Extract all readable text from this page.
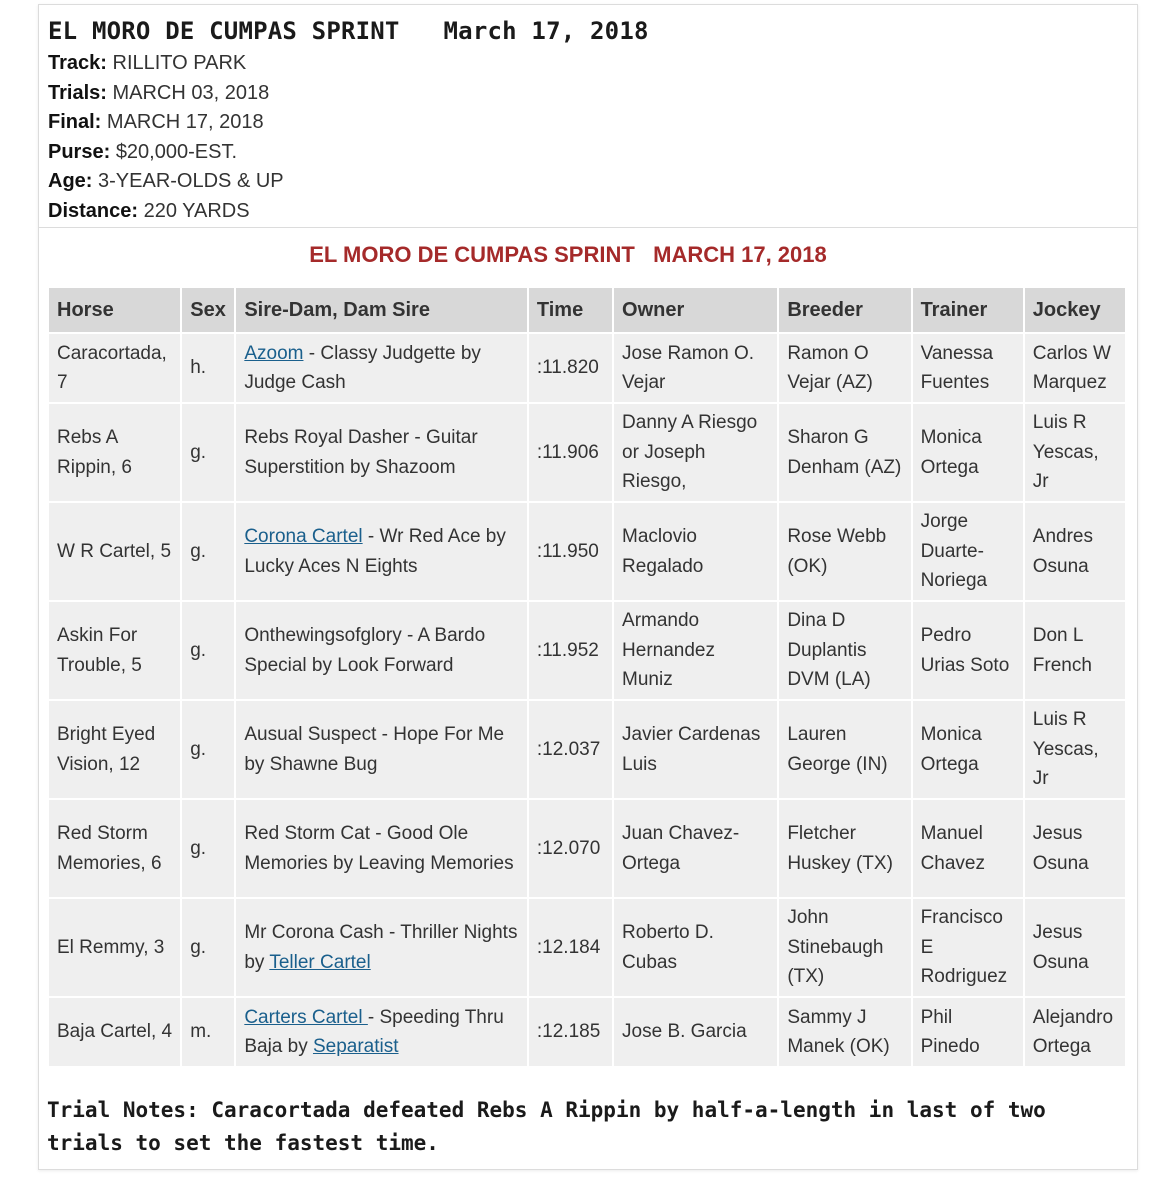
EL MORO DE CUMPAS SPRINT   March 17, 2018
Track: RILLITO PARK
Trials: MARCH 03, 2018
Final: MARCH 17, 2018
Purse: $20,000-EST.
Age: 3-YEAR-OLDS & UP
Distance: 220 YARDS
EL MORO DE CUMPAS SPRINT   MARCH 17, 2018
Horse	Sex	Sire-Dam, Dam Sire	Time	Owner	Breeder	Trainer	Jockey
Caracortada, 7	h.	Azoom - Classy Judgette by Judge Cash	:11.820	Jose Ramon O. Vejar	Ramon O Vejar (AZ)	Vanessa Fuentes	Carlos W Marquez
Rebs A Rippin, 6	g.	Rebs Royal Dasher - Guitar Superstition by Shazoom	:11.906	Danny A Riesgo or Joseph Riesgo,	Sharon G Denham (AZ)	Monica Ortega	Luis R Yescas, Jr
W R Cartel, 5	g.	Corona Cartel - Wr Red Ace by Lucky Aces N Eights	:11.950	Maclovio Regalado	Rose Webb (OK)	Jorge Duarte-Noriega	Andres Osuna
Askin For Trouble, 5	g.	Onthewingsofglory - A Bardo Special by Look Forward	:11.952	Armando Hernandez Muniz	Dina D Duplantis DVM (LA)	Pedro Urias Soto	Don L French
Bright Eyed Vision, 12	g.	Ausual Suspect - Hope For Me by Shawne Bug	:12.037	Javier Cardenas Luis	Lauren George (IN)	Monica Ortega	Luis R Yescas, Jr
Red Storm Memories, 6	g.	Red Storm Cat - Good Ole Memories by Leaving Memories	:12.070	Juan Chavez-Ortega	Fletcher Huskey (TX)	Manuel Chavez	Jesus Osuna
El Remmy, 3	g.	Mr Corona Cash - Thriller Nights by Teller Cartel	:12.184	Roberto D. Cubas	John Stinebaugh (TX)	Francisco E Rodriguez	Jesus Osuna
Baja Cartel, 4	m.	Carters Cartel - Speeding Thru Baja by Separatist	:12.185	Jose B. Garcia	Sammy J Manek (OK)	Phil Pinedo	Alejandro Ortega
Trial Notes: Caracortada defeated Rebs A Rippin by half-a-length in last of two trials to set the fastest time.
